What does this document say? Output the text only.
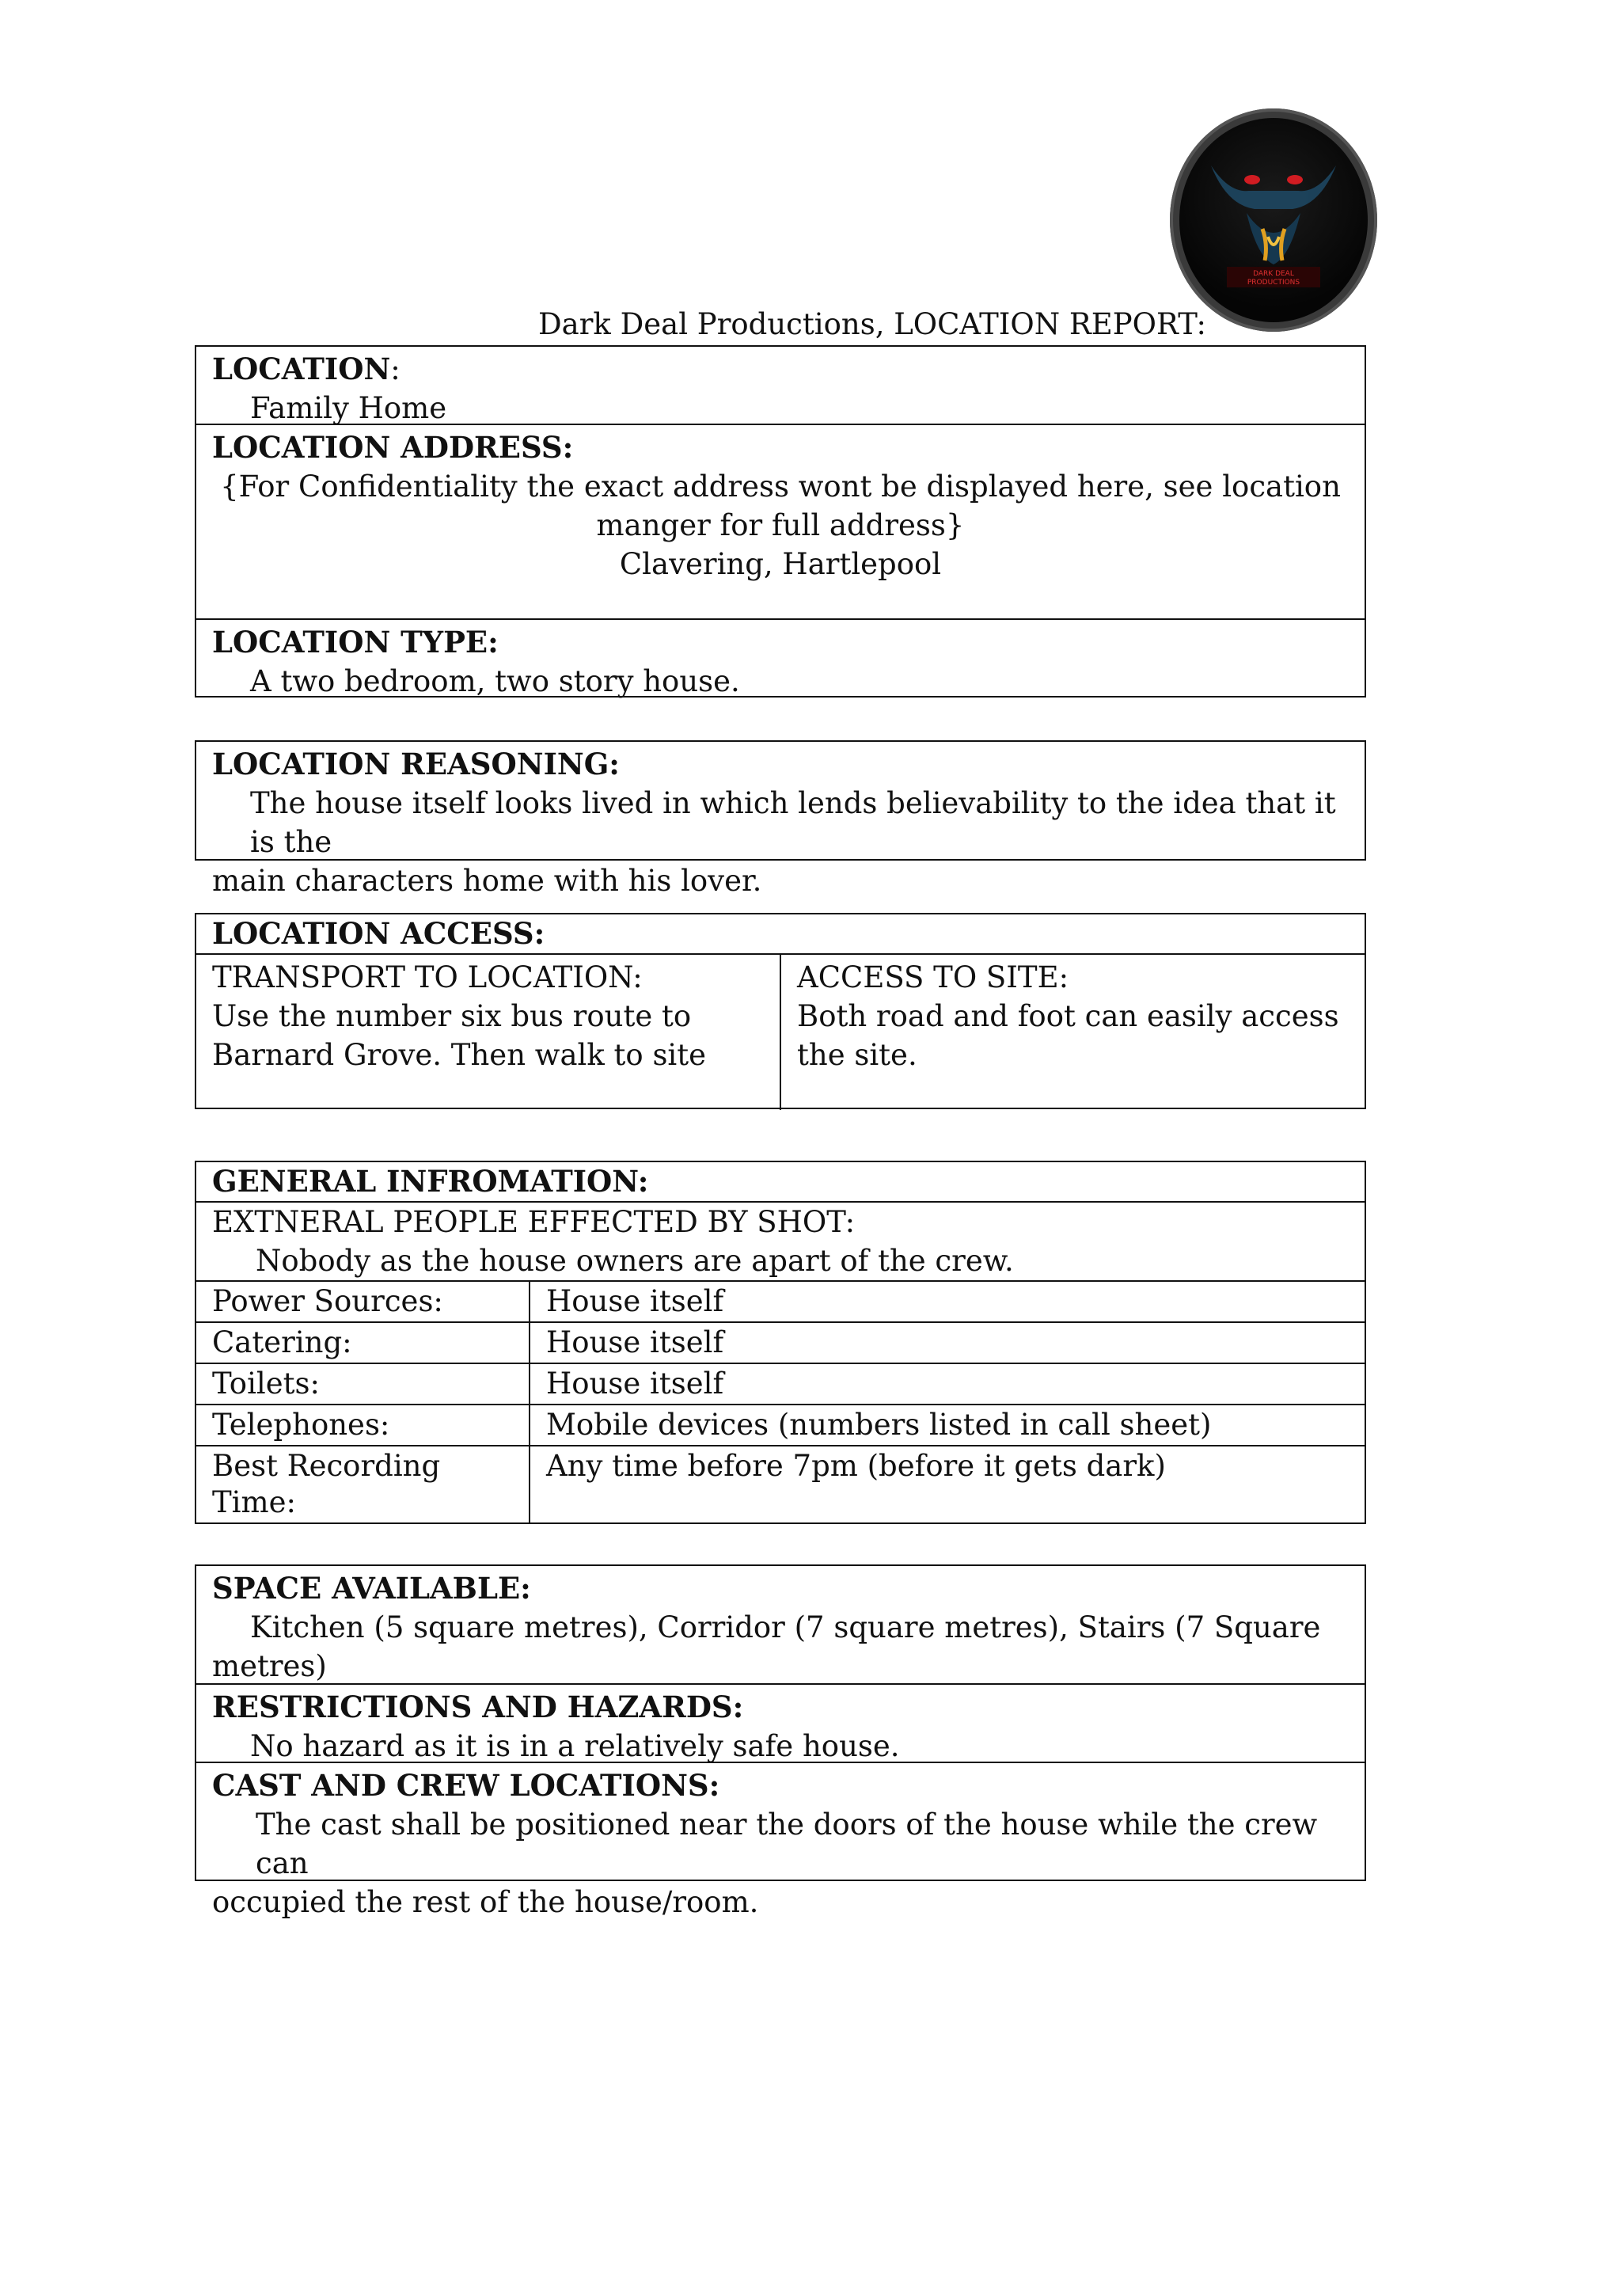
DARK DEAL
PRODUCTIONS
Dark Deal Productions, LOCATION REPORT:
LOCATION:
Family Home
LOCATION ADDRESS:
{For Confidentiality the exact address wont be displayed here, see location
manger for full address}
Clavering, Hartlepool
LOCATION TYPE:
A two bedroom, two story house.
LOCATION REASONING:
The house itself looks lived in which lends believability to the idea that it is the
main characters home with his lover.
LOCATION ACCESS:
TRANSPORT TO LOCATION:
Use the number six bus route to
Barnard Grove. Then walk to site
ACCESS TO SITE:
Both road and foot can easily access
the site.
GENERAL INFROMATION:
EXTNERAL PEOPLE EFFECTED BY SHOT:
Nobody as the house owners are apart of the crew.
Power Sources:	House itself
Catering:	House itself
Toilets:	House itself
Telephones:	Mobile devices (numbers listed in call sheet)
Best Recording Time:
Any time before 7pm (before it gets dark)
SPACE AVAILABLE:
Kitchen (5 square metres), Corridor (7 square metres), Stairs (7 Square
metres)
RESTRICTIONS AND HAZARDS:
No hazard as it is in a relatively safe house.
CAST AND CREW LOCATIONS:
The cast shall be positioned near the doors of the house while the crew can
occupied the rest of the house/room.
